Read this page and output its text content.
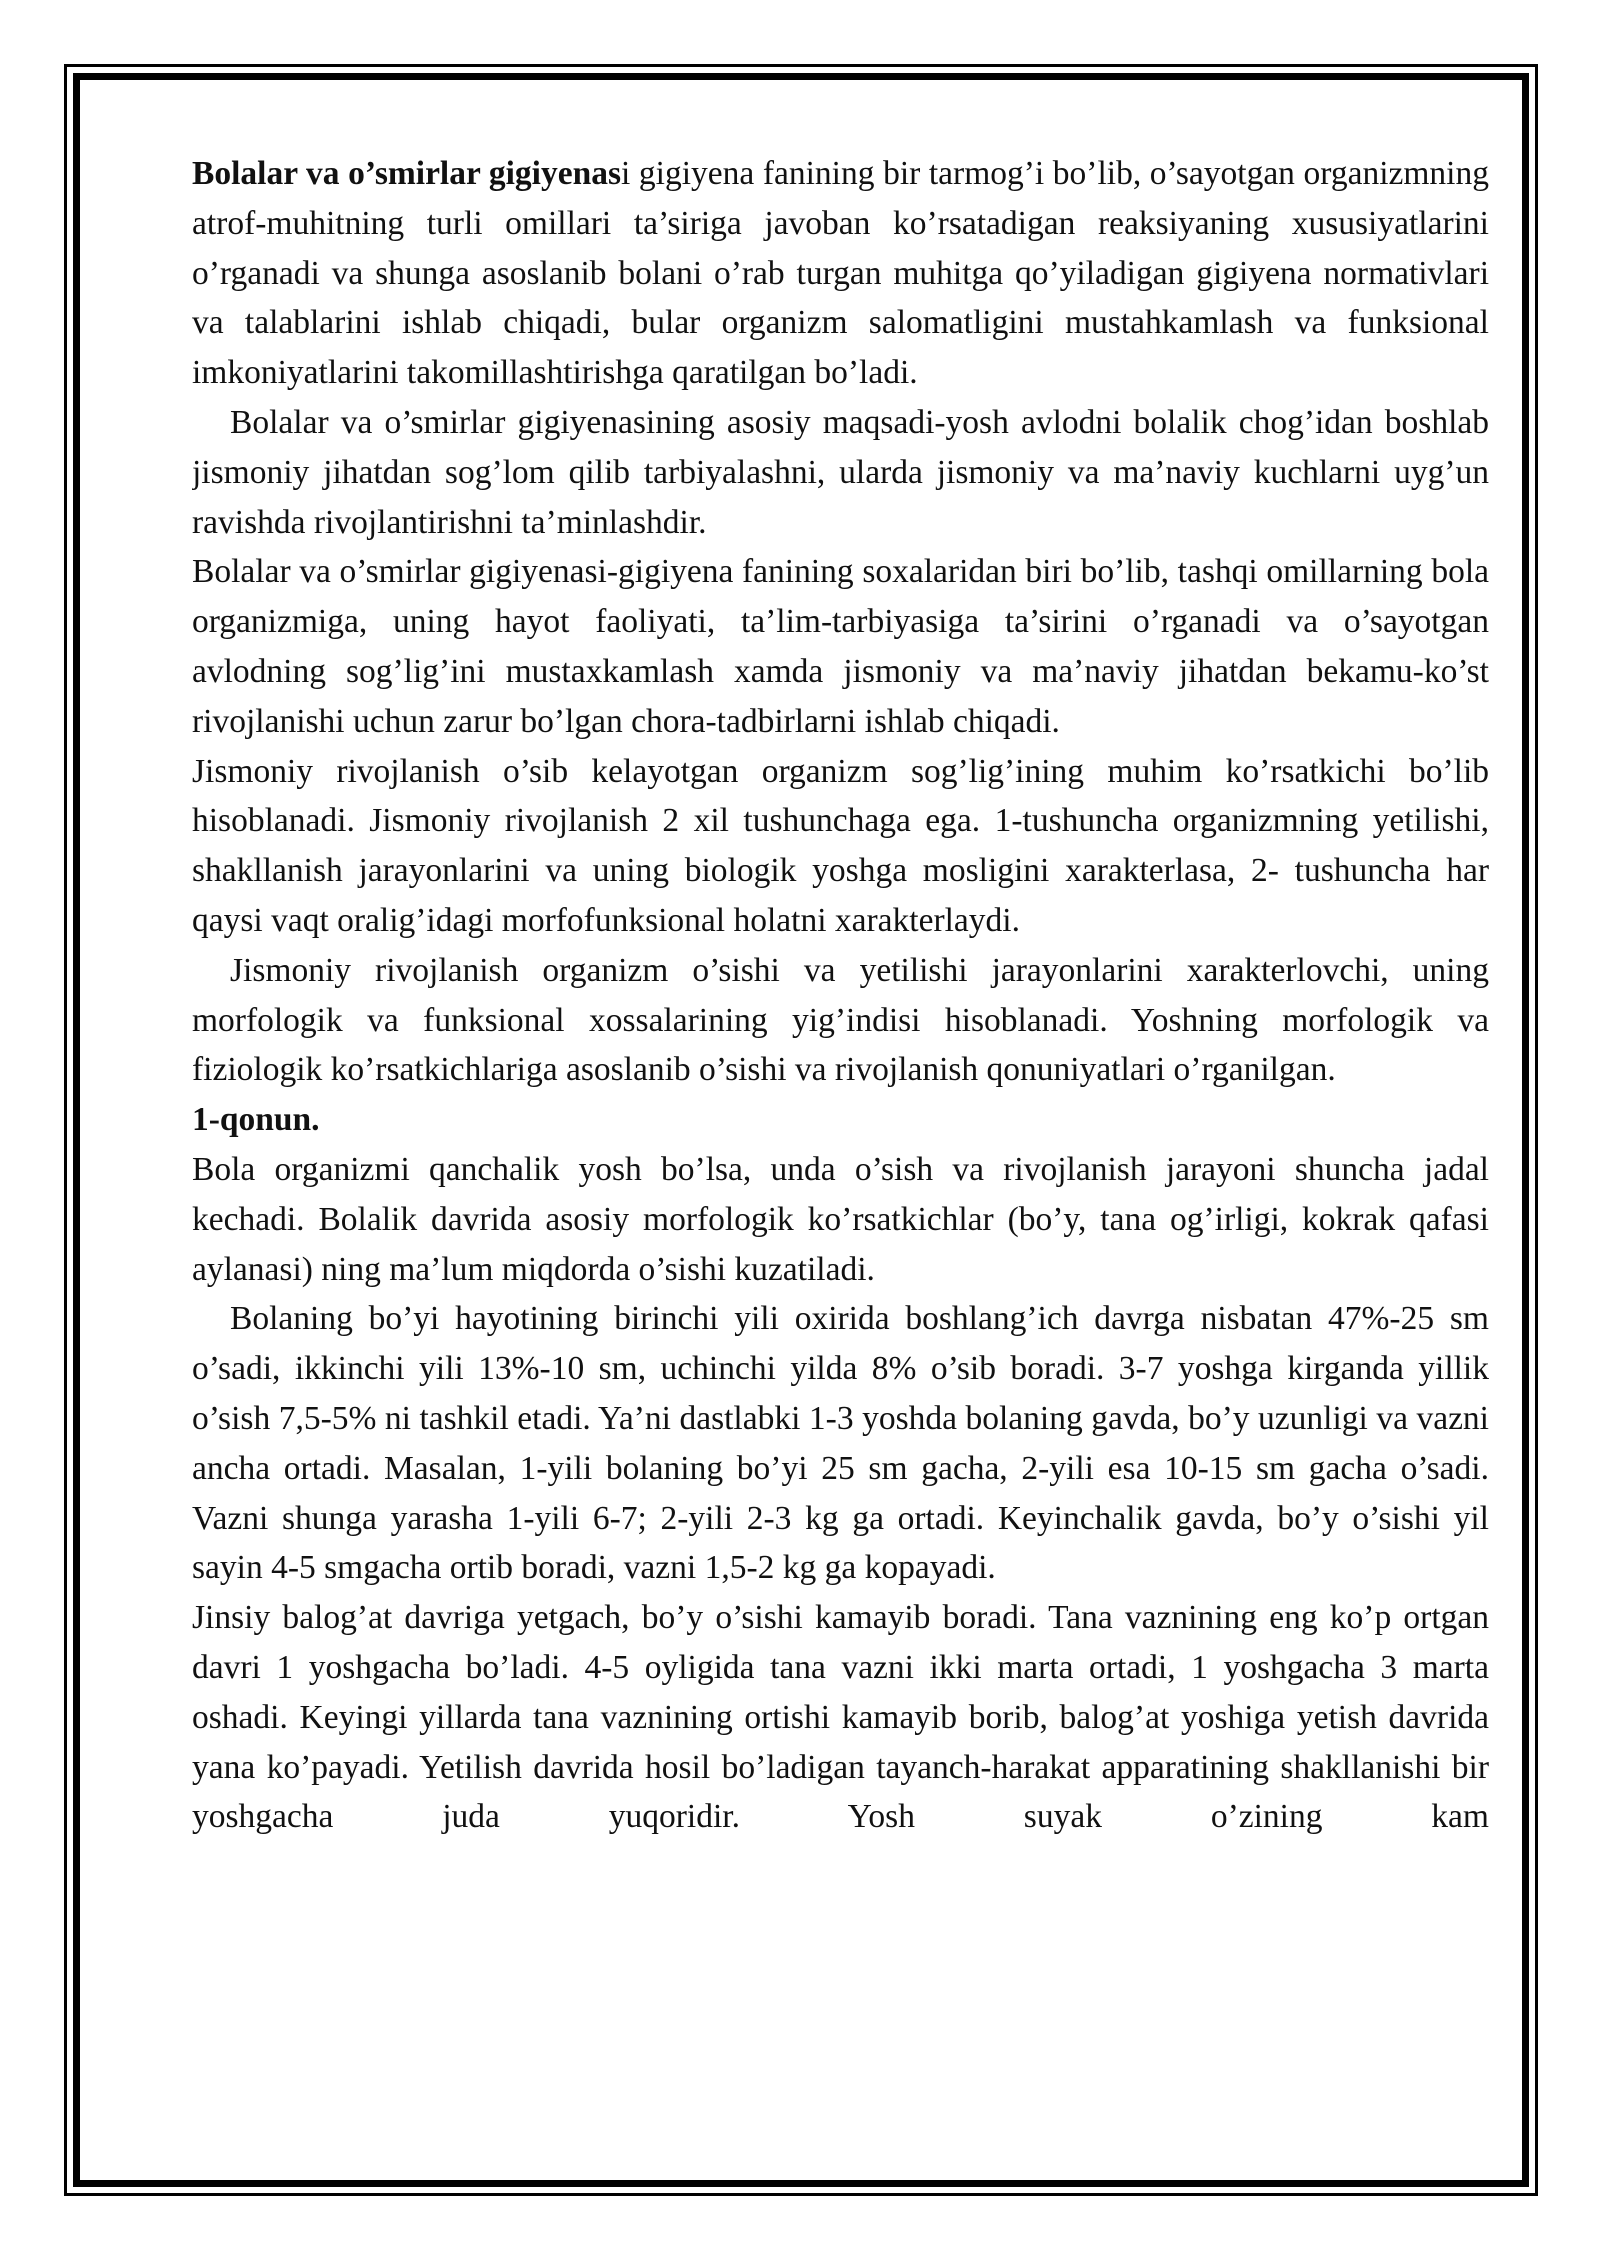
Bolalar va o’smirlar gigiyenasi gigiyena fanining bir tarmog’i bo’lib, o’sayotgan organizmning atrof-muhitning turli omillari ta’siriga javoban ko’rsatadigan reaksiyaning xususiyatlarini o’rganadi va shunga asoslanib bolani o’rab turgan muhitga qo’yiladigan gigiyena normativlari va talablarini ishlab chiqadi, bular organizm salomatligini mustahkamlash va funksional imkoniyatlarini takomillashtirishga qaratilgan bo’ladi.

Bolalar va o’smirlar gigiyenasining asosiy maqsadi-yosh avlodni bolalik chog’idan boshlab jismoniy jihatdan sog’lom qilib tarbiyalashni, ularda jismoniy va ma’naviy kuchlarni uyg’un ravishda rivojlantirishni ta’minlashdir.

Bolalar va o’smirlar gigiyenasi-gigiyena fanining soxalaridan biri bo’lib, tashqi omillarning bola organizmiga, uning hayot faoliyati, ta’lim-tarbiyasiga ta’sirini o’rganadi va o’sayotgan avlodning sog’lig’ini mustaxkamlash xamda jismoniy va ma’naviy jihatdan bekamu-ko’st rivojlanishi uchun zarur bo’lgan chora-tadbirlarni ishlab chiqadi.

Jismoniy rivojlanish o’sib kelayotgan organizm sog’lig’ining muhim ko’rsatkichi bo’lib hisoblanadi. Jismoniy rivojlanish 2 xil tushunchaga ega. 1-tushuncha organizmning yetilishi, shakllanish jarayonlarini va uning biologik yoshga mosligini xarakterlasa, 2- tushuncha har qaysi vaqt oralig’idagi morfofunksional holatni xarakterlaydi.

Jismoniy rivojlanish organizm o’sishi va yetilishi jarayonlarini xarakterlovchi, uning morfologik va funksional xossalarining yig’indisi hisoblanadi. Yoshning morfologik va fiziologik ko’rsatkichlariga asoslanib o’sishi va rivojlanish qonuniyatlari o’rganilgan.

1-qonun.

Bola organizmi qanchalik yosh bo’lsa, unda o’sish va rivojlanish jarayoni shuncha jadal kechadi. Bolalik davrida asosiy morfologik ko’rsatkichlar (bo’y, tana og’irligi, kokrak qafasi aylanasi) ning ma’lum miqdorda o’sishi kuzatiladi.

Bolaning bo’yi hayotining birinchi yili oxirida boshlang’ich davrga nisbatan 47%-25 sm o’sadi, ikkinchi yili 13%-10 sm, uchinchi yilda 8% o’sib boradi. 3-7 yoshga kirganda yillik o’sish 7,5-5% ni tashkil etadi. Ya’ni dastlabki 1-3 yoshda bolaning gavda, bo’y uzunligi va vazni ancha ortadi. Masalan, 1-yili bolaning bo’yi 25 sm gacha, 2-yili esa 10-15 sm gacha o’sadi. Vazni shunga yarasha 1-yili 6-7; 2-yili 2-3 kg ga ortadi. Keyinchalik gavda, bo’y o’sishi yil sayin 4-5 smgacha ortib boradi, vazni 1,5-2 kg ga kopayadi.

Jinsiy balog’at davriga yetgach, bo’y o’sishi kamayib boradi. Tana vaznining eng ko’p ortgan davri 1 yoshgacha bo’ladi. 4-5 oyligida tana vazni ikki marta ortadi, 1 yoshgacha 3 marta oshadi. Keyingi yillarda tana vaznining ortishi kamayib borib, balog’at yoshiga yetish davrida yana ko’payadi. Yetilish davrida hosil bo’ladigan tayanch-harakat apparatining shakllanishi bir yoshgacha juda yuqoridir. Yosh suyak o’zining kam
